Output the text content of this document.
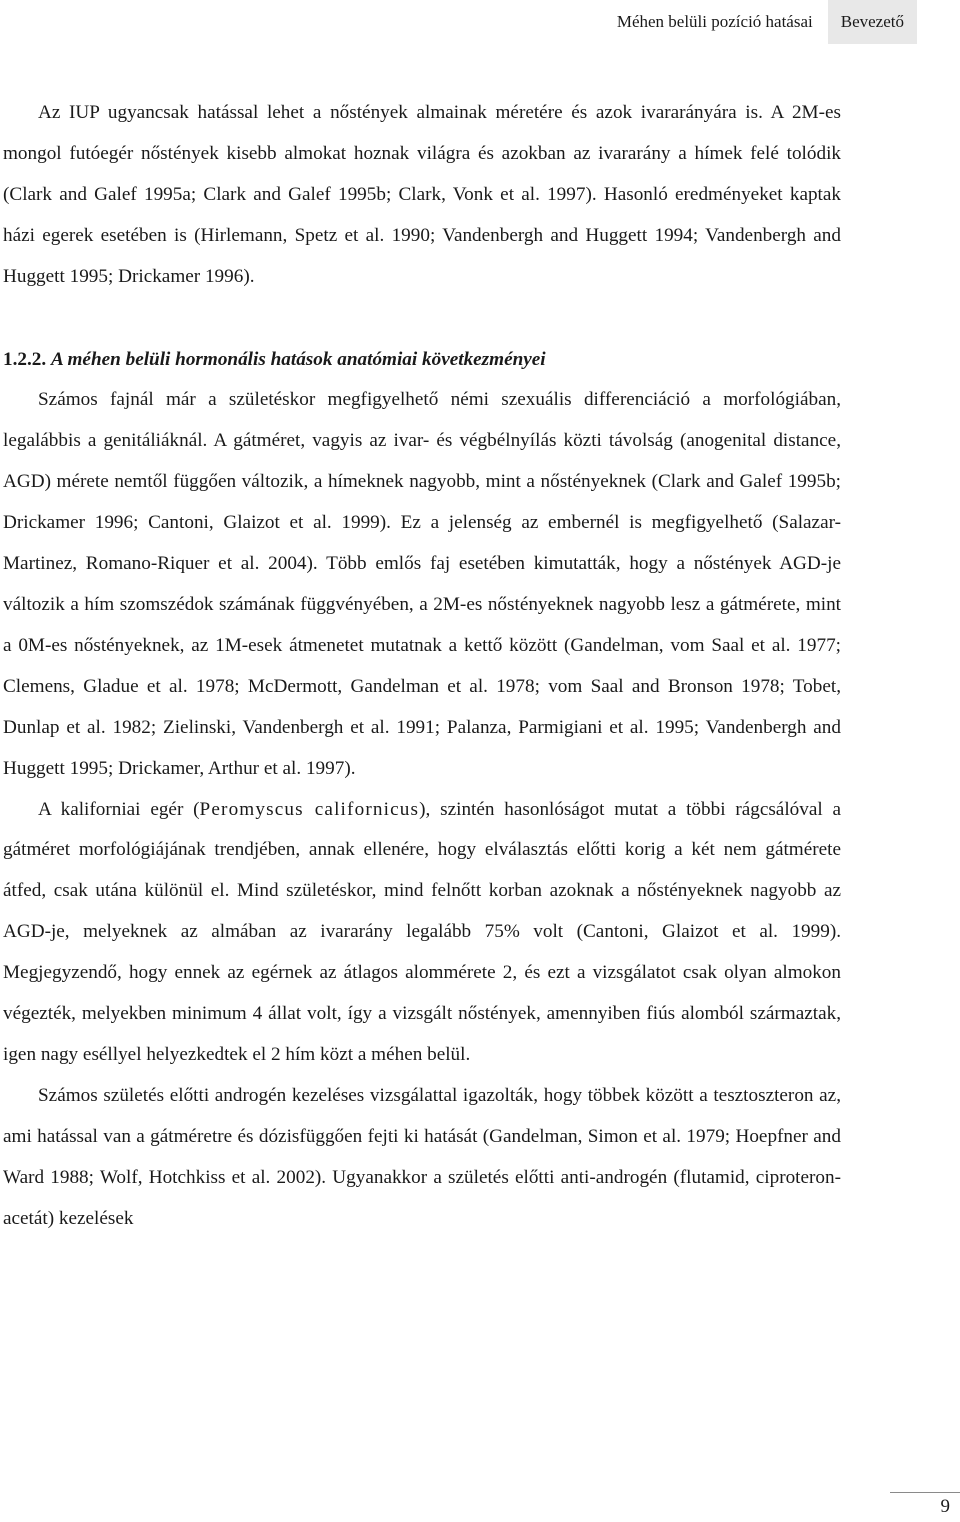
Méhen belüli pozíció hatásai	Bevezető

Az IUP ugyancsak hatással lehet a nőstények almainak méretére és azok ivararányára is. A 2M-es mongol futóegér nőstények kisebb almokat hoznak világra és azokban az ivararány a hímek felé tolódik (Clark and Galef 1995a; Clark and Galef 1995b; Clark, Vonk et al. 1997). Hasonló eredményeket kaptak házi egerek esetében is (Hirlemann, Spetz et al. 1990; Vandenbergh and Huggett 1994; Vandenbergh and Huggett 1995; Drickamer 1996).

1.2.2. A méhen belüli hormonális hatások anatómiai következményei

Számos fajnál már a születéskor megfigyelhető némi szexuális differenciáció a morfológiában, legalábbis a genitáliáknál. A gátméret, vagyis az ivar- és végbélnyílás közti távolság (anogenital distance, AGD) mérete nemtől függően változik, a hímeknek nagyobb, mint a nőstényeknek (Clark and Galef 1995b; Drickamer 1996; Cantoni, Glaizot et al. 1999). Ez a jelenség az embernél is megfigyelhető (Salazar-Martinez, Romano-Riquer et al. 2004). Több emlős faj esetében kimutatták, hogy a nőstények AGD-je változik a hím szomszédok számának függvényében, a 2M-es nőstényeknek nagyobb lesz a gátmérete, mint a 0M-es nőstényeknek, az 1M-esek átmenetet mutatnak a kettő között (Gandelman, vom Saal et al. 1977; Clemens, Gladue et al. 1978; McDermott, Gandelman et al. 1978; vom Saal and Bronson 1978; Tobet, Dunlap et al. 1982; Zielinski, Vandenbergh et al. 1991; Palanza, Parmigiani et al. 1995; Vandenbergh and Huggett 1995; Drickamer, Arthur et al. 1997).

A kaliforniai egér (Peromyscus californicus), szintén hasonlóságot mutat a többi rágcsálóval a gátméret morfológiájának trendjében, annak ellenére, hogy elválasztás előtti korig a két nem gátmérete átfed, csak utána különül el. Mind születéskor, mind felnőtt korban azoknak a nőstényeknek nagyobb az AGD-je, melyeknek az almában az ivararány legalább 75% volt (Cantoni, Glaizot et al. 1999). Megjegyzendő, hogy ennek az egérnek az átlagos alommérete 2, és ezt a vizsgálatot csak olyan almokon végezték, melyekben minimum 4 állat volt, így a vizsgált nőstények, amennyiben fiús alomból származtak, igen nagy eséllyel helyezkedtek el 2 hím közt a méhen belül.

Számos születés előtti androgén kezeléses vizsgálattal igazolták, hogy többek között a tesztoszteron az, ami hatással van a gátméretre és dózisfüggően fejti ki hatását (Gandelman, Simon et al. 1979; Hoepfner and Ward 1988; Wolf, Hotchkiss et al. 2002). Ugyanakkor a születés előtti anti-androgén (flutamid, ciproteron-acetát) kezelések

9
